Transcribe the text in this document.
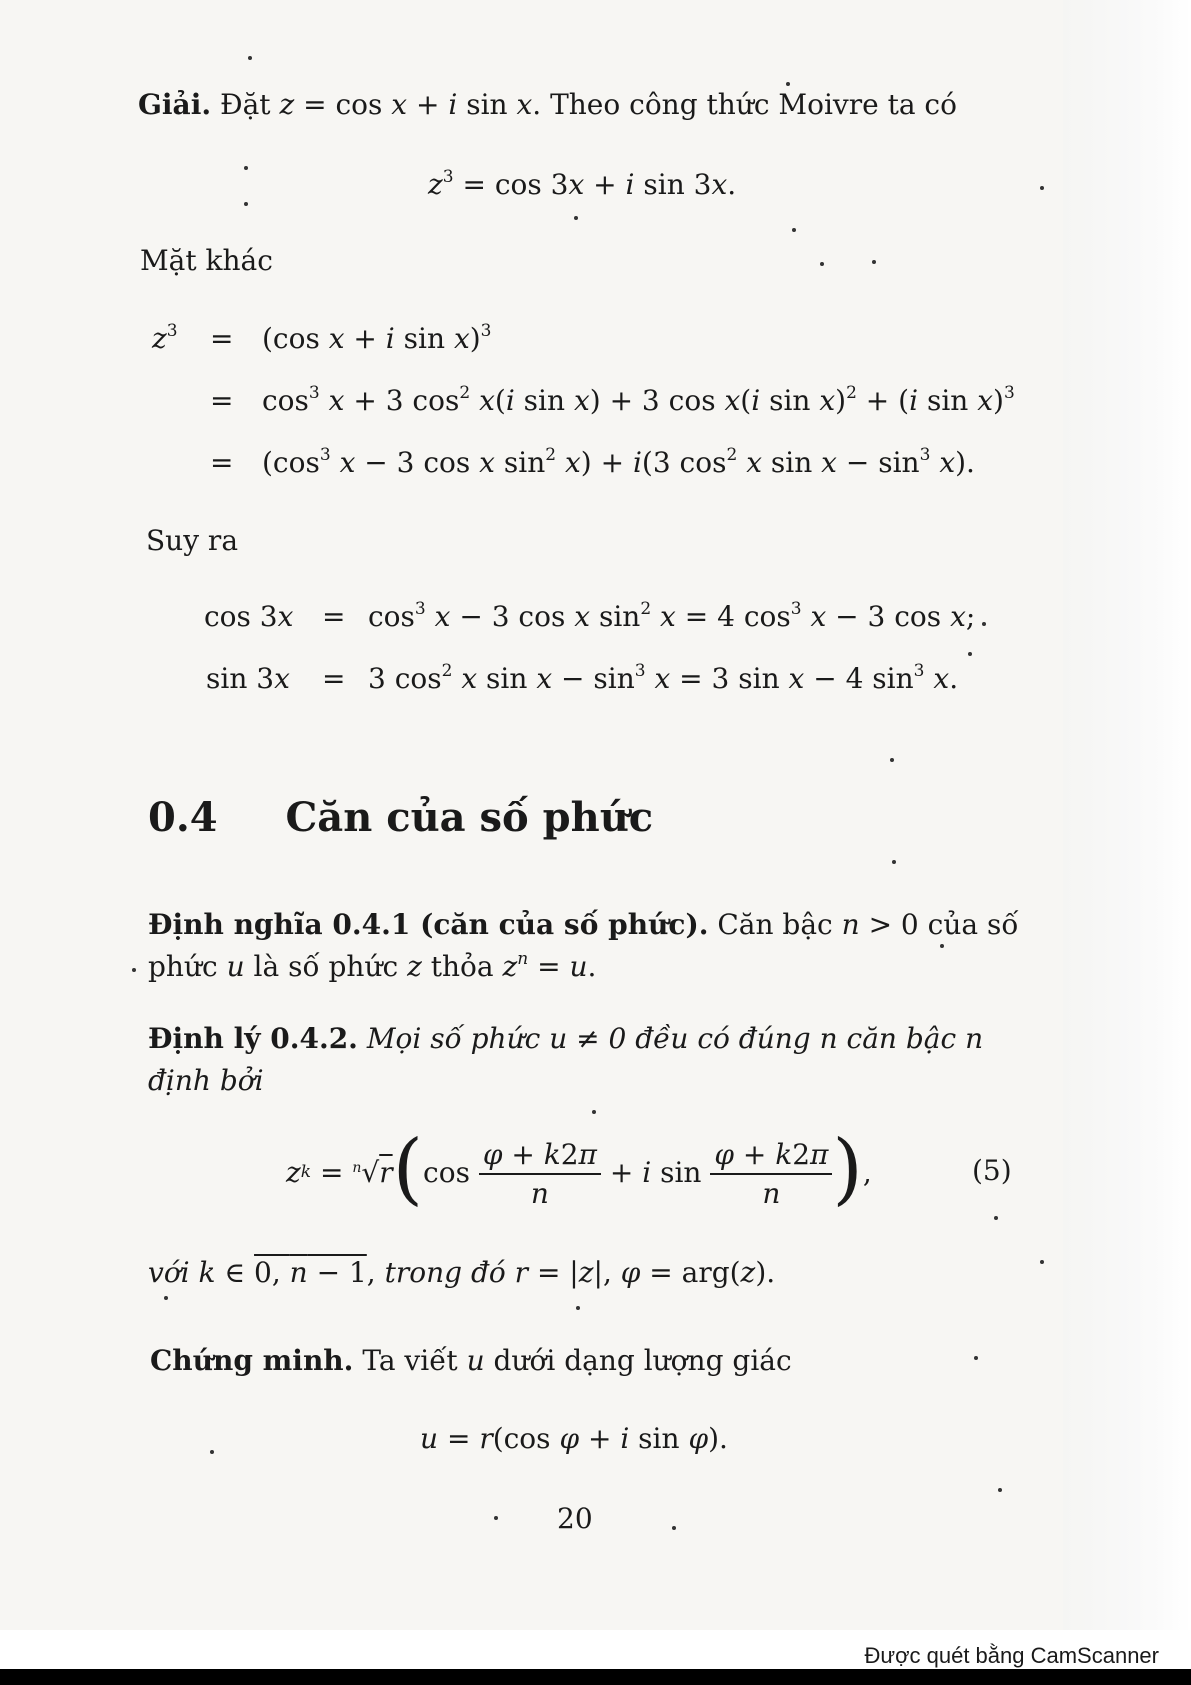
Giải. Đặt z = cos x + i sin x. Theo công thức Moivre ta có
$z^3 = \cos 3x + i$ sin 3x.
Mặt khác
$z^3 = (\cos$ x + i sin x)$^3$
= $\cos^3 x + 3$ $\cos^2 x(i$ sin x) + 3 cos x(i sin x)$^2$ + (i sin x)$^3$
= ($\cos^3$ x − 3 cos x $\sin^2 x) + i(3$ $\cos^2 x$ $\sin x - \sin^3 x$).
Suy ra
$\cos 3x = \cos^3 x - 3$ cos x $\sin^2 x = 4$ $\cos^3 x - 3$ cos x;
sin 3x = 3 $\cos^2 x$ $\sin x - \sin^3 x = 3$ sin x − 4 $\sin^3 x$.
0.4 Căn của số phức
Định nghĩa 0.4.1 (căn của số phức). Căn bậc n > 0 của số
phức u là số phức z thỏa $z^n = u$.
Định lý 0.4.2. Mọi số phức u ≠ 0 đều có đúng n căn bậc n
định bởi
z k = $^n$√ r ( $\cos \frac{\varphi + k2\pi}{n} + i$ $\sin \frac{\varphi + k2\pi}{n}$ ) ,	(5)
với k ∈ 0, n − 1, trong đó r = |z|, φ = arg(z).
Chứng minh. Ta viết u dưới dạng lượng giác
u = r(cos φ + i sin φ).
20
Được quét bằng CamScanner
